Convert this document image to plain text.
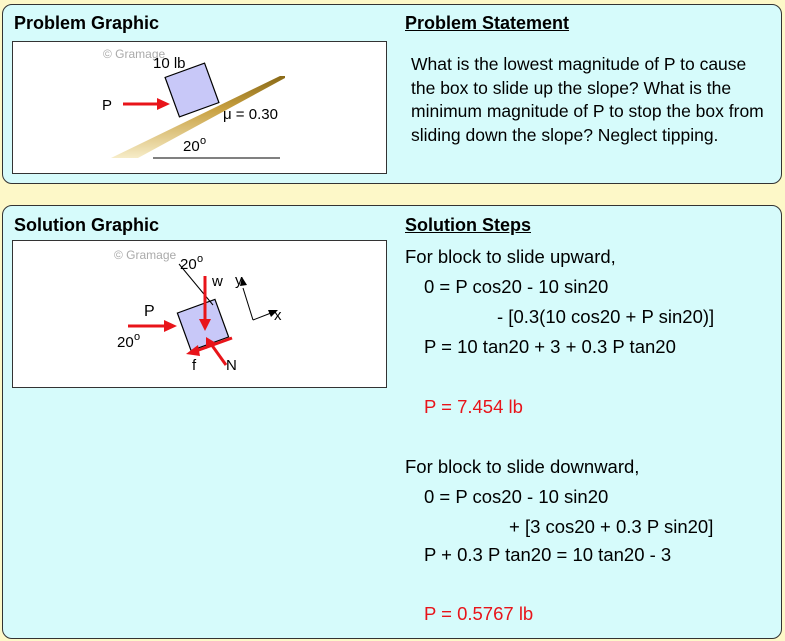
Problem Graphic	Problem Statement
© Gramage
10 lb
P
μ = 0.30
20 o

What is the lowest magnitude of P to cause the box to slide up the slope? What is the minimum magnitude of P to stop the box from sliding down the slope? Neglect tipping.

Solution Graphic	Solution Steps
© Gramage
20 o
w y
x
P
20 o
f N

For block to slide upward,

0 = P cos20 - 10 sin20

- [0.3(10 cos20 + P sin20)]

P = 10 tan20 + 3 + 0.3 P tan20

P = 7.454 lb

For block to slide downward,

0 = P cos20 - 10 sin20

+ [3 cos20 + 0.3 P sin20]

P + 0.3 P tan20 = 10 tan20 - 3

P = 0.5767 lb
